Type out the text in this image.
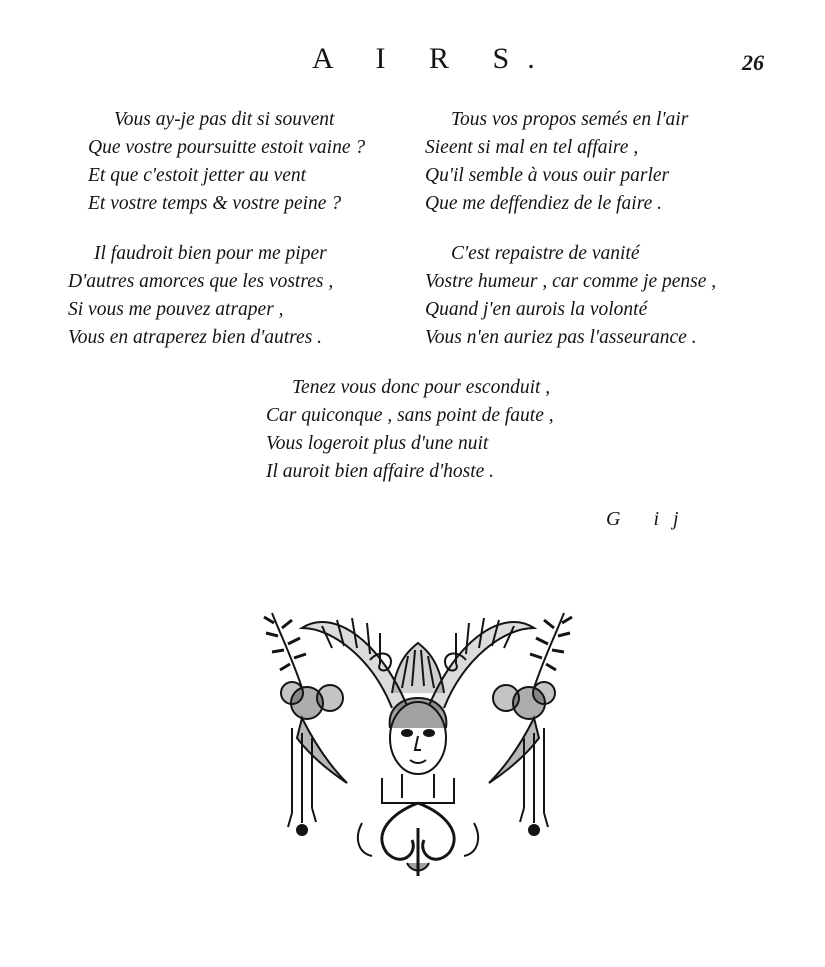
A I R S.	26
Vous ay-je pas dit si souvent
Que vostre poursuitte estoit vaine ?
Et que c'estoit jetter au vent
Et vostre temps & vostre peine ?
Tous vos propos semés en l'air
Sieent si mal en tel affaire ,
Qu'il semble à vous ouir parler
Que me deffendiez de le faire .
Il faudroit bien pour me piper
D'autres amorces que les vostres ,
Si vous me pouvez atraper ,
Vous en atraperez bien d'autres .
C'est repaistre de vanité
Vostre humeur , car comme je pense ,
Quand j'en aurois la volonté
Vous n'en auriez pas l'asseurance .
Tenez vous donc pour esconduit ,
Car quiconque , sans point de faute ,
Vous logeroit plus d'une nuit
Il auroit bien affaire d'hoste .
G ij
